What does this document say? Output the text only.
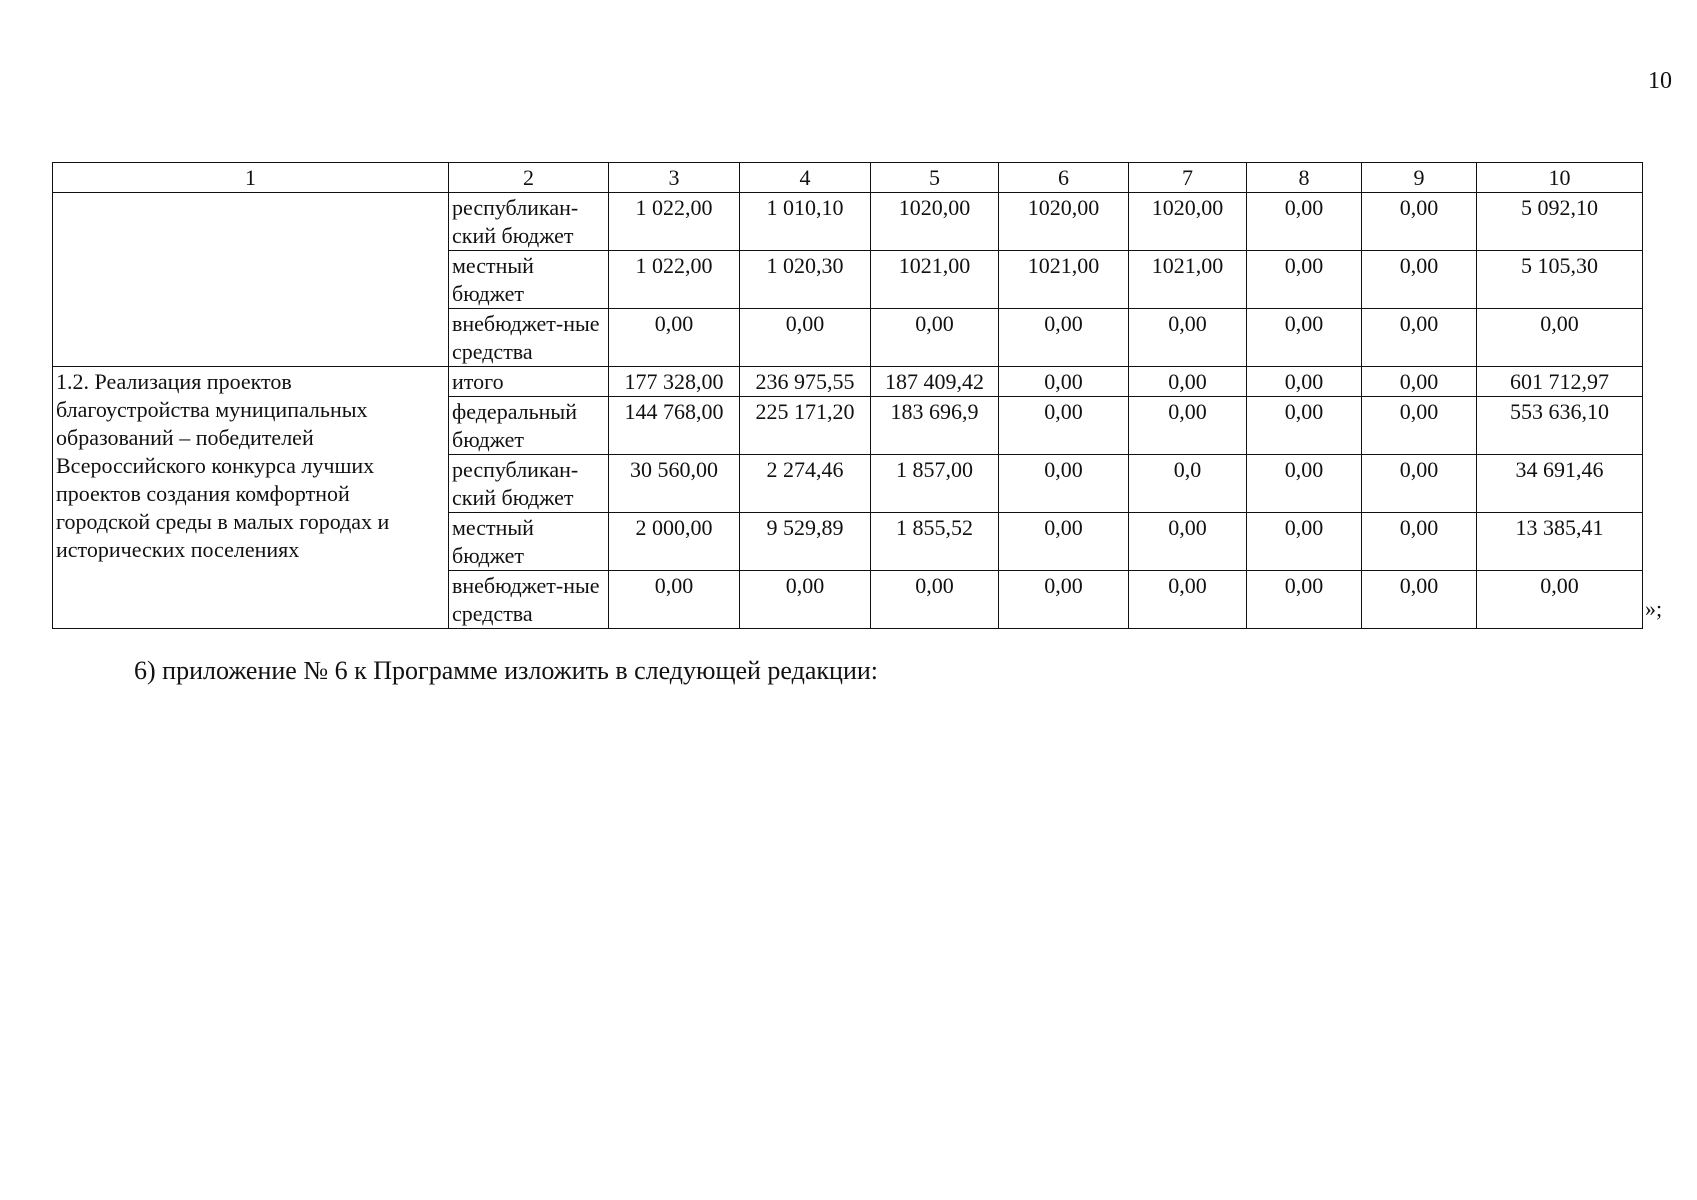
10
1	2	3	4	5	6	7	8	9	10
	республикан-ский бюджет	1 022,00	1 010,10	1020,00	1020,00	1020,00	0,00	0,00	5 092,10
	местный бюджет	1 022,00	1 020,30	1021,00	1021,00	1021,00	0,00	0,00	5 105,30
	внебюджет-ные средства	0,00	0,00	0,00	0,00	0,00	0,00	0,00	0,00
1.2. Реализация проектов благоустройства муниципальных образований – победителей Всероссийского конкурса лучших проектов создания комфортной городской среды в малых городах и исторических поселениях	итого	177 328,00	236 975,55	187 409,42	0,00	0,00	0,00	0,00	601 712,97
	федеральный бюджет	144 768,00	225 171,20	183 696,9	0,00	0,00	0,00	0,00	553 636,10
	республикан-ский бюджет	30 560,00	2 274,46	1 857,00	0,00	0,0	0,00	0,00	34 691,46
	местный бюджет	2 000,00	9 529,89	1 855,52	0,00	0,00	0,00	0,00	13 385,41
	внебюджет-ные средства	0,00	0,00	0,00	0,00	0,00	0,00	0,00	0,00
»;
6) приложение № 6 к Программе изложить в следующей редакции:
